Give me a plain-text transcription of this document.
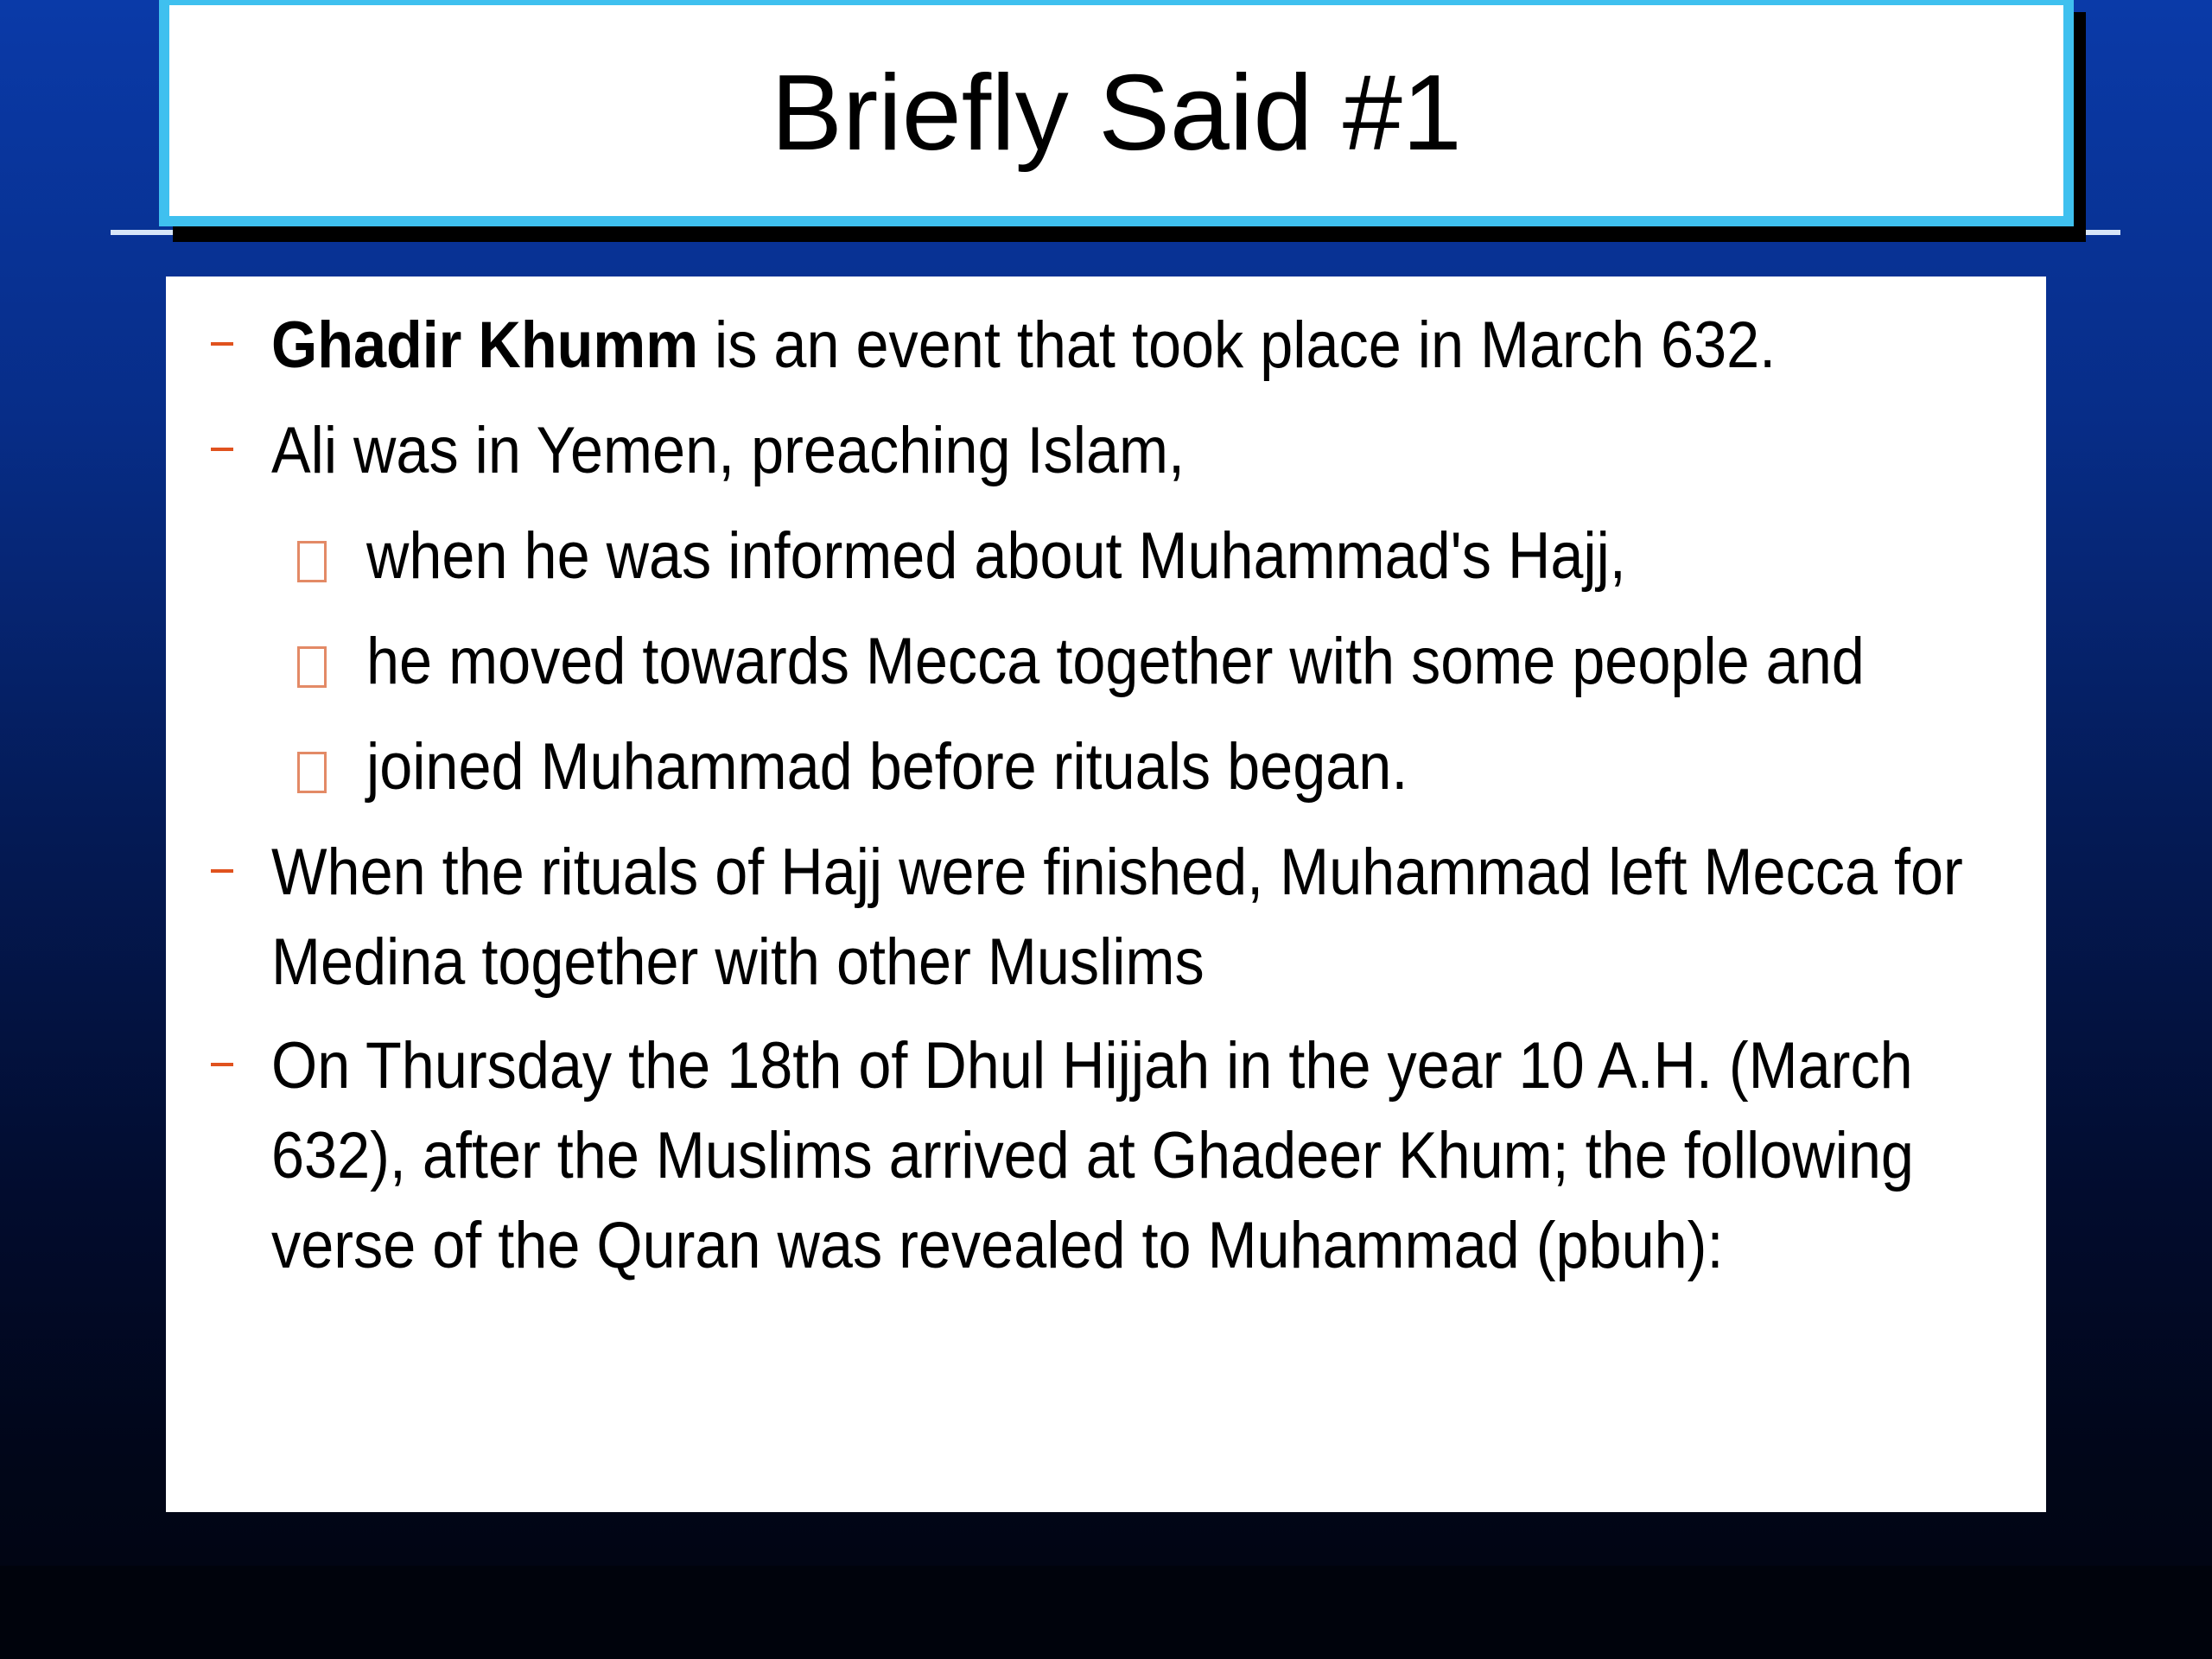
Briefly Said #1
Ghadir Khumm is an event that took place in March 632.
Ali was in Yemen, preaching Islam,
when he was informed about Muhammad's Hajj,
he moved towards Mecca together with some people and
joined Muhammad before rituals began.
When the rituals of Hajj were finished, Muhammad left Mecca for
Medina together with other Muslims
On Thursday the 18th of Dhul Hijjah in the year 10 A.H. (March
632), after the Muslims arrived at Ghadeer Khum; the following
verse of the Quran was revealed to Muhammad (pbuh):
